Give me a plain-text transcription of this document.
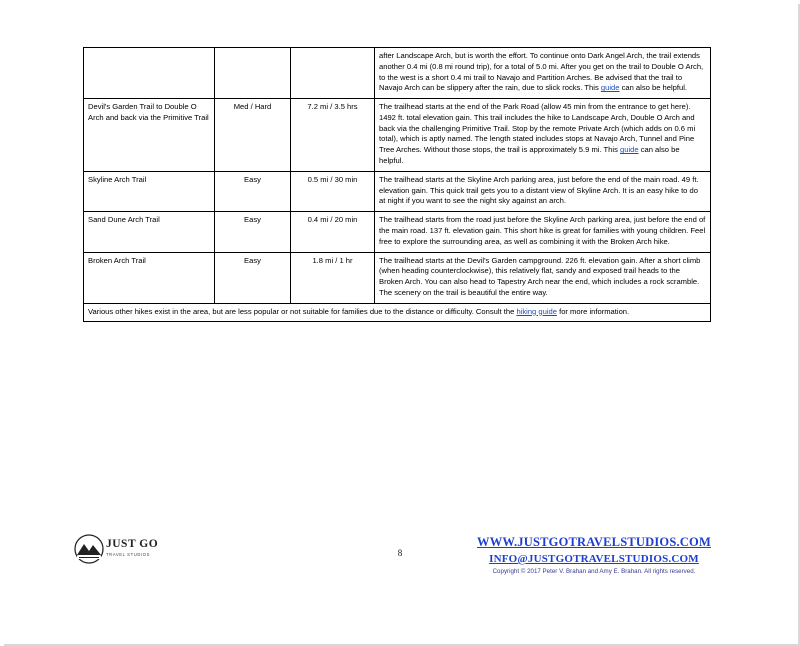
			after Landscape Arch, but is worth the effort. To continue onto Dark Angel Arch, the trail extends another 0.4 mi (0.8 mi round trip), for a total of 5.0 mi. After you get on the trail to Double O Arch, to the west is a short 0.4 mi trail to Navajo and Partition Arches. Be advised that the trail to Navajo Arch can be slippery after the rain, due to slick rocks. This guide can also be helpful.
Devil's Garden Trail to Double O Arch and back via the Primitive Trail	Med / Hard	7.2 mi / 3.5 hrs	The trailhead starts at the end of the Park Road (allow 45 min from the entrance to get here). 1492 ft. total elevation gain. This trail includes the hike to Landscape Arch, Double O Arch and back via the challenging Primitive Trail. Stop by the remote Private Arch (which adds on 0.6 mi total), which is aptly named. The length stated includes stops at Navajo Arch, Tunnel and Pine Tree Arches. Without those stops, the trail is approximately 5.9 mi. This guide can also be helpful.
Skyline Arch Trail	Easy	0.5 mi / 30 min	The trailhead starts at the Skyline Arch parking area, just before the end of the main road. 49 ft. elevation gain. This quick trail gets you to a distant view of Skyline Arch. It is an easy hike to do at night if you want to see the night sky against an arch.
Sand Dune Arch Trail	Easy	0.4 mi / 20 min	The trailhead starts from the road just before the Skyline Arch parking area, just before the end of the main road. 137 ft. elevation gain. This short hike is great for families with young children. Feel free to explore the surrounding area, as well as combining it with the Broken Arch hike.
Broken Arch Trail	Easy	1.8 mi / 1 hr	The trailhead starts at the Devil's Garden campground. 226 ft. elevation gain. After a short climb (when heading counterclockwise), this relatively flat, sandy and exposed trail heads to the Broken Arch. You can also head to Tapestry Arch near the end, which includes a rock scramble. The scenery on the trail is beautiful the entire way.
Various other hikes exist in the area, but are less popular or not suitable for families due to the distance or difficulty. Consult the hiking guide for more information.			
8
JUST GO
TRAVEL STUDIOS
WWW.JUSTGOTRAVELSTUDIOS.COM
INFO@JUSTGOTRAVELSTUDIOS.COM
Copyright © 2017 Peter V. Brahan and Amy E. Brahan. All rights reserved.
